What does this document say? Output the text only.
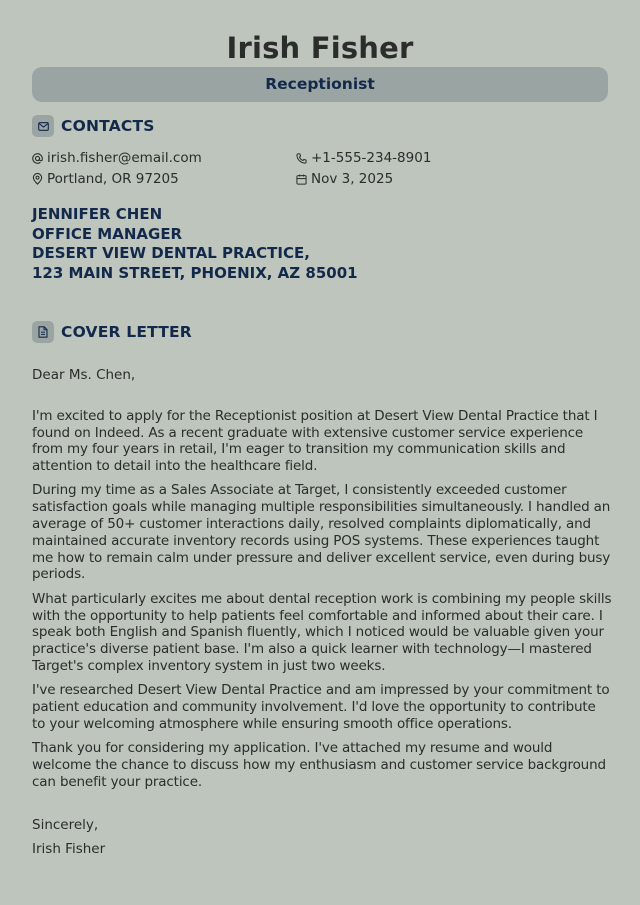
Irish Fisher
Receptionist
CONTACTS
irish.fisher@email.com	+1-555-234-8901
Portland, OR 97205	Nov 3, 2025
JENNIFER CHEN
OFFICE MANAGER
DESERT VIEW DENTAL PRACTICE,
123 MAIN STREET, PHOENIX, AZ 85001
COVER LETTER
Dear Ms. Chen,

I'm excited to apply for the Receptionist position at Desert View Dental Practice that I found on Indeed. As a recent graduate with extensive customer service experience from my four years in retail, I'm eager to transition my communication skills and attention to detail into the healthcare field.

During my time as a Sales Associate at Target, I consistently exceeded customer satisfaction goals while managing multiple responsibilities simultaneously. I handled an average of 50+ customer interactions daily, resolved complaints diplomatically, and maintained accurate inventory records using POS systems. These experiences taught me how to remain calm under pressure and deliver excellent service, even during busy periods.

What particularly excites me about dental reception work is combining my people skills with the opportunity to help patients feel comfortable and informed about their care. I speak both English and Spanish fluently, which I noticed would be valuable given your practice's diverse patient base. I'm also a quick learner with technology—I mastered Target's complex inventory system in just two weeks.

I've researched Desert View Dental Practice and am impressed by your commitment to patient education and community involvement. I'd love the opportunity to contribute to your welcoming atmosphere while ensuring smooth office operations.

Thank you for considering my application. I've attached my resume and would welcome the chance to discuss how my enthusiasm and customer service background can benefit your practice.

Sincerely,
Irish Fisher
